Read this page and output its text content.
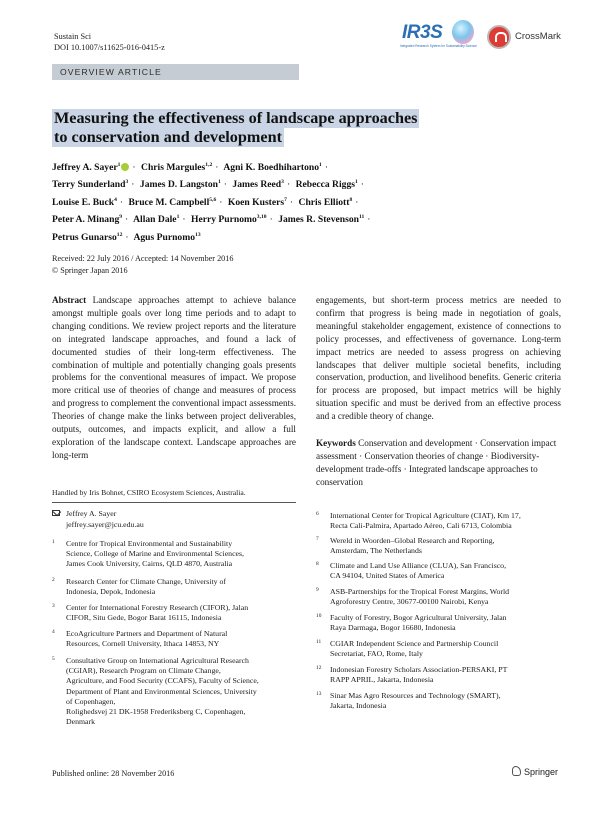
Sustain Sci
DOI 10.1007/s11625-016-0415-z
IR3S
Integrated Research System for Sustainability Science
CrossMark
OVERVIEW ARTICLE
Measuring the effectiveness of landscape approaches
to conservation and development
Jeffrey A. Sayer$^1$ · Chris Margules$^{1,2}$ · Agni K. Boedhihartono$^1$ ·
Terry Sunderland$^3$ · James D. Langston$^1$ · James Reed$^3$ · Rebecca Riggs$^1$ ·
Louise E. Buck$^4$ · Bruce M. Campbell$^{5,6}$ · Koen Kusters$^7$ · Chris Elliott$^8$ ·
Peter A. Minang$^9$ · Allan Dale$^1$ · Herry Purnomo$^{3,10}$ · James R. Stevenson$^{11}$ ·
Petrus Gunarso$^{12}$ · Agus Purnomo$^{13}$
Received: 22 July 2016 / Accepted: 14 November 2016
© Springer Japan 2016
Abstract Landscape approaches attempt to achieve balance amongst multiple goals over long time periods and to adapt to changing conditions. We review project reports and the literature on integrated landscape approaches, and found a lack of documented studies of their long-term effectiveness. The combination of multiple and potentially changing goals presents problems for the conventional measures of impact. We propose more critical use of theories of change and measures of process and progress to complement the conventional impact assessments. Theories of change make the links between project deliverables, outputs, outcomes, and impacts explicit, and allow a full exploration of the landscape context. Landscape approaches are long-term
engagements, but short-term process metrics are needed to confirm that progress is being made in negotiation of goals, meaningful stakeholder engagement, existence of connections to policy processes, and effectiveness of governance. Long-term impact metrics are needed to assess progress on achieving landscapes that deliver multiple societal benefits, including conservation, production, and livelihood benefits. Generic criteria for process are proposed, but impact metrics will be highly situation specific and must be derived from an effective process and a credible theory of change.
Keywords Conservation and development · Conservation impact assessment · Conservation theories of change · Biodiversity-development trade-offs · Integrated landscape approaches to conservation
Handled by Iris Bohnet, CSIRO Ecosystem Sciences, Australia.
Jeffrey A. Sayer
jeffrey.sayer@jcu.edu.au
1 Centre for Tropical Environmental and Sustainability
Science, College of Marine and Environmental Sciences,
James Cook University, Cairns, QLD 4870, Australia
2 Research Center for Climate Change, University of
Indonesia, Depok, Indonesia
3 Center for International Forestry Research (CIFOR), Jalan
CIFOR, Situ Gede, Bogor Barat 16115, Indonesia
4 EcoAgriculture Partners and Department of Natural
Resources, Cornell University, Ithaca 14853, NY
5 Consultative Group on International Agricultural Research
(CGIAR), Research Program on Climate Change,
Agriculture, and Food Security (CCAFS), Faculty of Science,
Department of Plant and Environmental Sciences, University
of Copenhagen,
Rolighedsvej 21 DK-1958 Frederiksberg C, Copenhagen,
Denmark
6 International Center for Tropical Agriculture (CIAT), Km 17,
Recta Cali-Palmira, Apartado Aéreo, Cali 6713, Colombia
7 Wereld in Woorden–Global Research and Reporting,
Amsterdam, The Netherlands
8 Climate and Land Use Alliance (CLUA), San Francisco,
CA 94104, United States of America
9 ASB-Partnerships for the Tropical Forest Margins, World
Agroforestry Centre, 30677-00100 Nairobi, Kenya
10 Faculty of Forestry, Bogor Agricultural University, Jalan
Raya Darmaga, Bogor 16680, Indonesia
11 CGIAR Independent Science and Partnership Council
Secretariat, FAO, Rome, Italy
12 Indonesian Forestry Scholars Association-PERSAKI, PT
RAPP APRIL, Jakarta, Indonesia
13 Sinar Mas Agro Resources and Technology (SMART),
Jakarta, Indonesia
Published online: 28 November 2016	Springer
